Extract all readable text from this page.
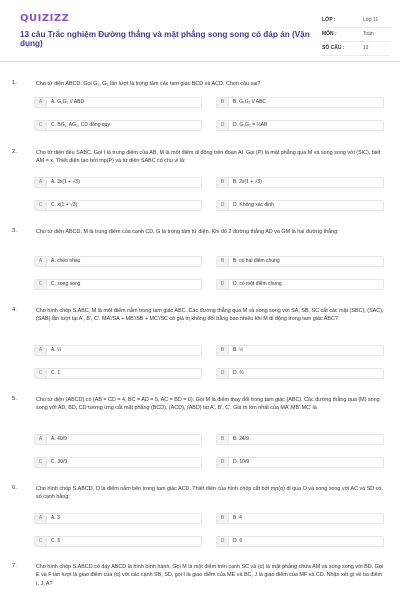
QUIZIZZ
13 câu Trắc nghiệm Đường thẳng và mặt phẳng song song có đáp án (Vận dụng)
LỚP :	Lớp 11
MÔN :	Toán
SỐ CÂU :	13
1.	Cho tứ diện ABCD. Gọi G₁, G₂ lần lượt là trọng tâm các tam giác BCD và ACD. Chọn câu sai?
A	A. G₁G₂ // ABD	B	B. G₁G₂ // ABC
C	C. BG₁, AG₂, CD đồng quy	D	D. G₁G₂ = ⅔AB
2.	Cho tứ diện đều SABC. Gọi I là trung điểm của AB, M là một điểm di động trên đoạn AI. Gọi (P) là mặt phẳng qua M và song song với (SIC), biết AM = x. Thiết diện tạo bởi mp(P) và tứ diện SABC có chu vi là:
A	A. 3x(1 + √3)	B	B. 2x(1 + √3)
C	C. x(1 + √3)	D	D. Không xác định
3.	Cho tứ diện ABCD, M là trung điểm của cạnh CD, G là trọng tâm tứ diện. Khi đó 2 đường thẳng AD và GM là hai đường thẳng:
A	A. chéo nhau	B	B. có hai điểm chung
C	C. song song	D	D. có một điểm chung
4.	Cho hình chóp S.ABC, M là một điểm nằm trong tam giác ABC. Các đường thẳng qua M và song song với SA, SB, SC cắt các mặt (SBC), (SAC), (SAB) lần lượt tại A', B', C'. MA'/SA + MB'/SB + MC'/SC có giá trị không đổi bằng bao nhiêu khi M di động trong tam giác ABC?
A	A. ⅓	B	B. ½
C	C. 1	D	D. ⅔
5.	Cho tứ diện (ABCD) có (AB = CD = 4, BC = AD = 5, AC = BD = 6). Gọi M là điểm thay đổi trong tam giác (ABC). Các đường thẳng qua (M) song song với AD, BD, CD tương ứng cắt mặt phẳng (BCD), (ACD), (ABD) tại A', B', C'. Giá trị lớn nhất của MA'.MB'.MC' là
A	A. 40/9	B	B. 24/9
C	C. 30/9	D	D. 10/9
6.	Cho hình chóp S.ABCD, O là điểm nằm bên trong tam giác ACD. Thiết diện của hình chóp cắt bởi mp(α) đi qua O và song song với AC và SD có số cạnh bằng:
A	A. 3	B	B. 4
C	C. 5	D	D. 6
7.	Cho hình chóp S.ABCD có đáy ABCD là hình bình hành. Gọi M là một điểm trên cạnh SC và (α) là mặt phẳng chứa AM và song song với BD. Gọi E và F lần lượt là giao điểm của (α) với các cạnh SB, SD, gọi I là giao điểm của ME và BC, J là giao điểm của MF và CD. Nhận xét gì về ba điểm I, J, A?
